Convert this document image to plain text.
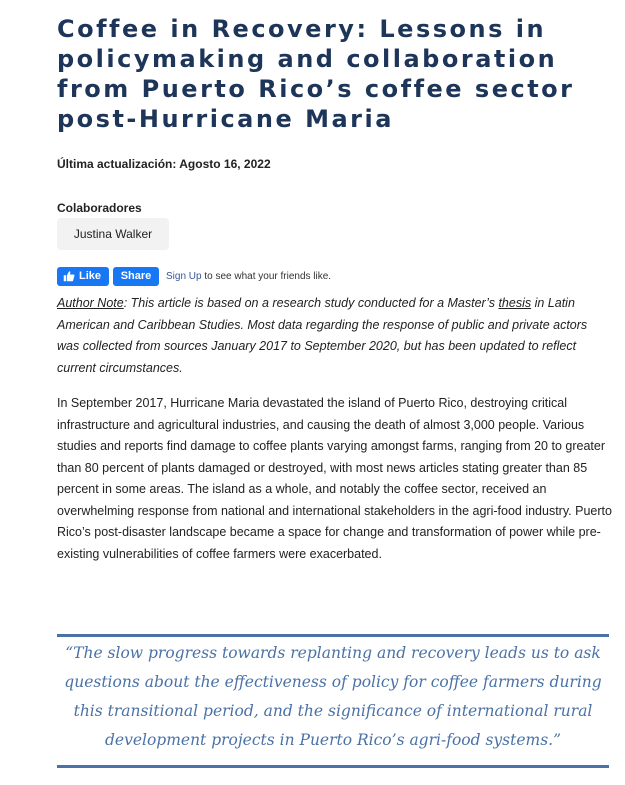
Coffee in Recovery: Lessons in policymaking and collaboration from Puerto Rico’s coffee sector post-Hurricane Maria
Última actualización: Agosto 16, 2022
Colaboradores
Justina Walker
Like Share Sign Up to see what your friends like.

Author Note: This article is based on a research study conducted for a Master’s thesis in Latin American and Caribbean Studies. Most data regarding the response of public and private actors was collected from sources January 2017 to September 2020, but has been updated to reflect current circumstances.

In September 2017, Hurricane Maria devastated the island of Puerto Rico, destroying critical infrastructure and agricultural industries, and causing the death of almost 3,000 people. Various studies and reports find damage to coffee plants varying amongst farms, ranging from 20 to greater than 80 percent of plants damaged or destroyed, with most news articles stating greater than 85 percent in some areas. The island as a whole, and notably the coffee sector, received an overwhelming response from national and international stakeholders in the agri-food industry. Puerto Rico’s post-disaster landscape became a space for change and transformation of power while pre-existing vulnerabilities of coffee farmers were exacerbated.

“The slow progress towards replanting and recovery leads us to ask questions about the effectiveness of policy for coffee farmers during this transitional period, and the significance of international rural development projects in Puerto Rico’s agri-food systems.”
